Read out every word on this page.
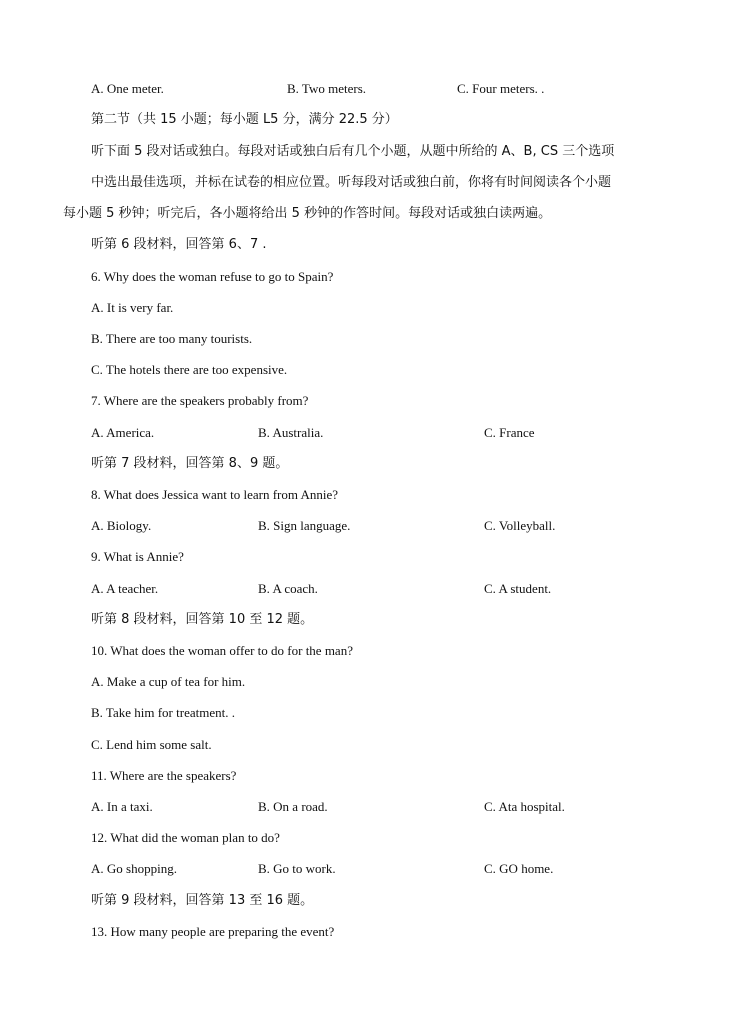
A. One meter.	B. Two meters.	C. Four meters. .
第二节（共 15 小题；每小题 L5 分，满分 22.5 分）
听下面 5 段对话或独白。每段对话或独白后有几个小题，从题中所给的 A、B, CS 三个选项
中选出最佳选项，并标在试卷的相应位置。听每段对话或独白前，你将有时间阅读各个小题
每小题 5 秒钟；听完后，各小题将给出 5 秒钟的作答时间。每段对话或独白读两遍。
听第 6 段材料，回答第 6、7 .
6. Why does the woman refuse to go to Spain?
A. It is very far.
B. There are too many tourists.
C. The hotels there are too expensive.
7. Where are the speakers probably from?
A. America.	B. Australia.	C. France
听第 7 段材料，回答第 8、9 题。
8. What does Jessica want to learn from Annie?
A. Biology.	B. Sign language.	C. Volleyball.
9. What is Annie?
A. A teacher.	B. A coach.	C. A student.
听第 8 段材料，回答第 10 至 12 题。
10. What does the woman offer to do for the man?
A. Make a cup of tea for him.
B. Take him for treatment. .
C. Lend him some salt.
11. Where are the speakers?
A. In a taxi.	B. On a road.	C. Ata hospital.
12. What did the woman plan to do?
A. Go shopping.	B. Go to work.	C. GO home.
听第 9 段材料，回答第 13 至 16 题。
13. How many people are preparing the event?
